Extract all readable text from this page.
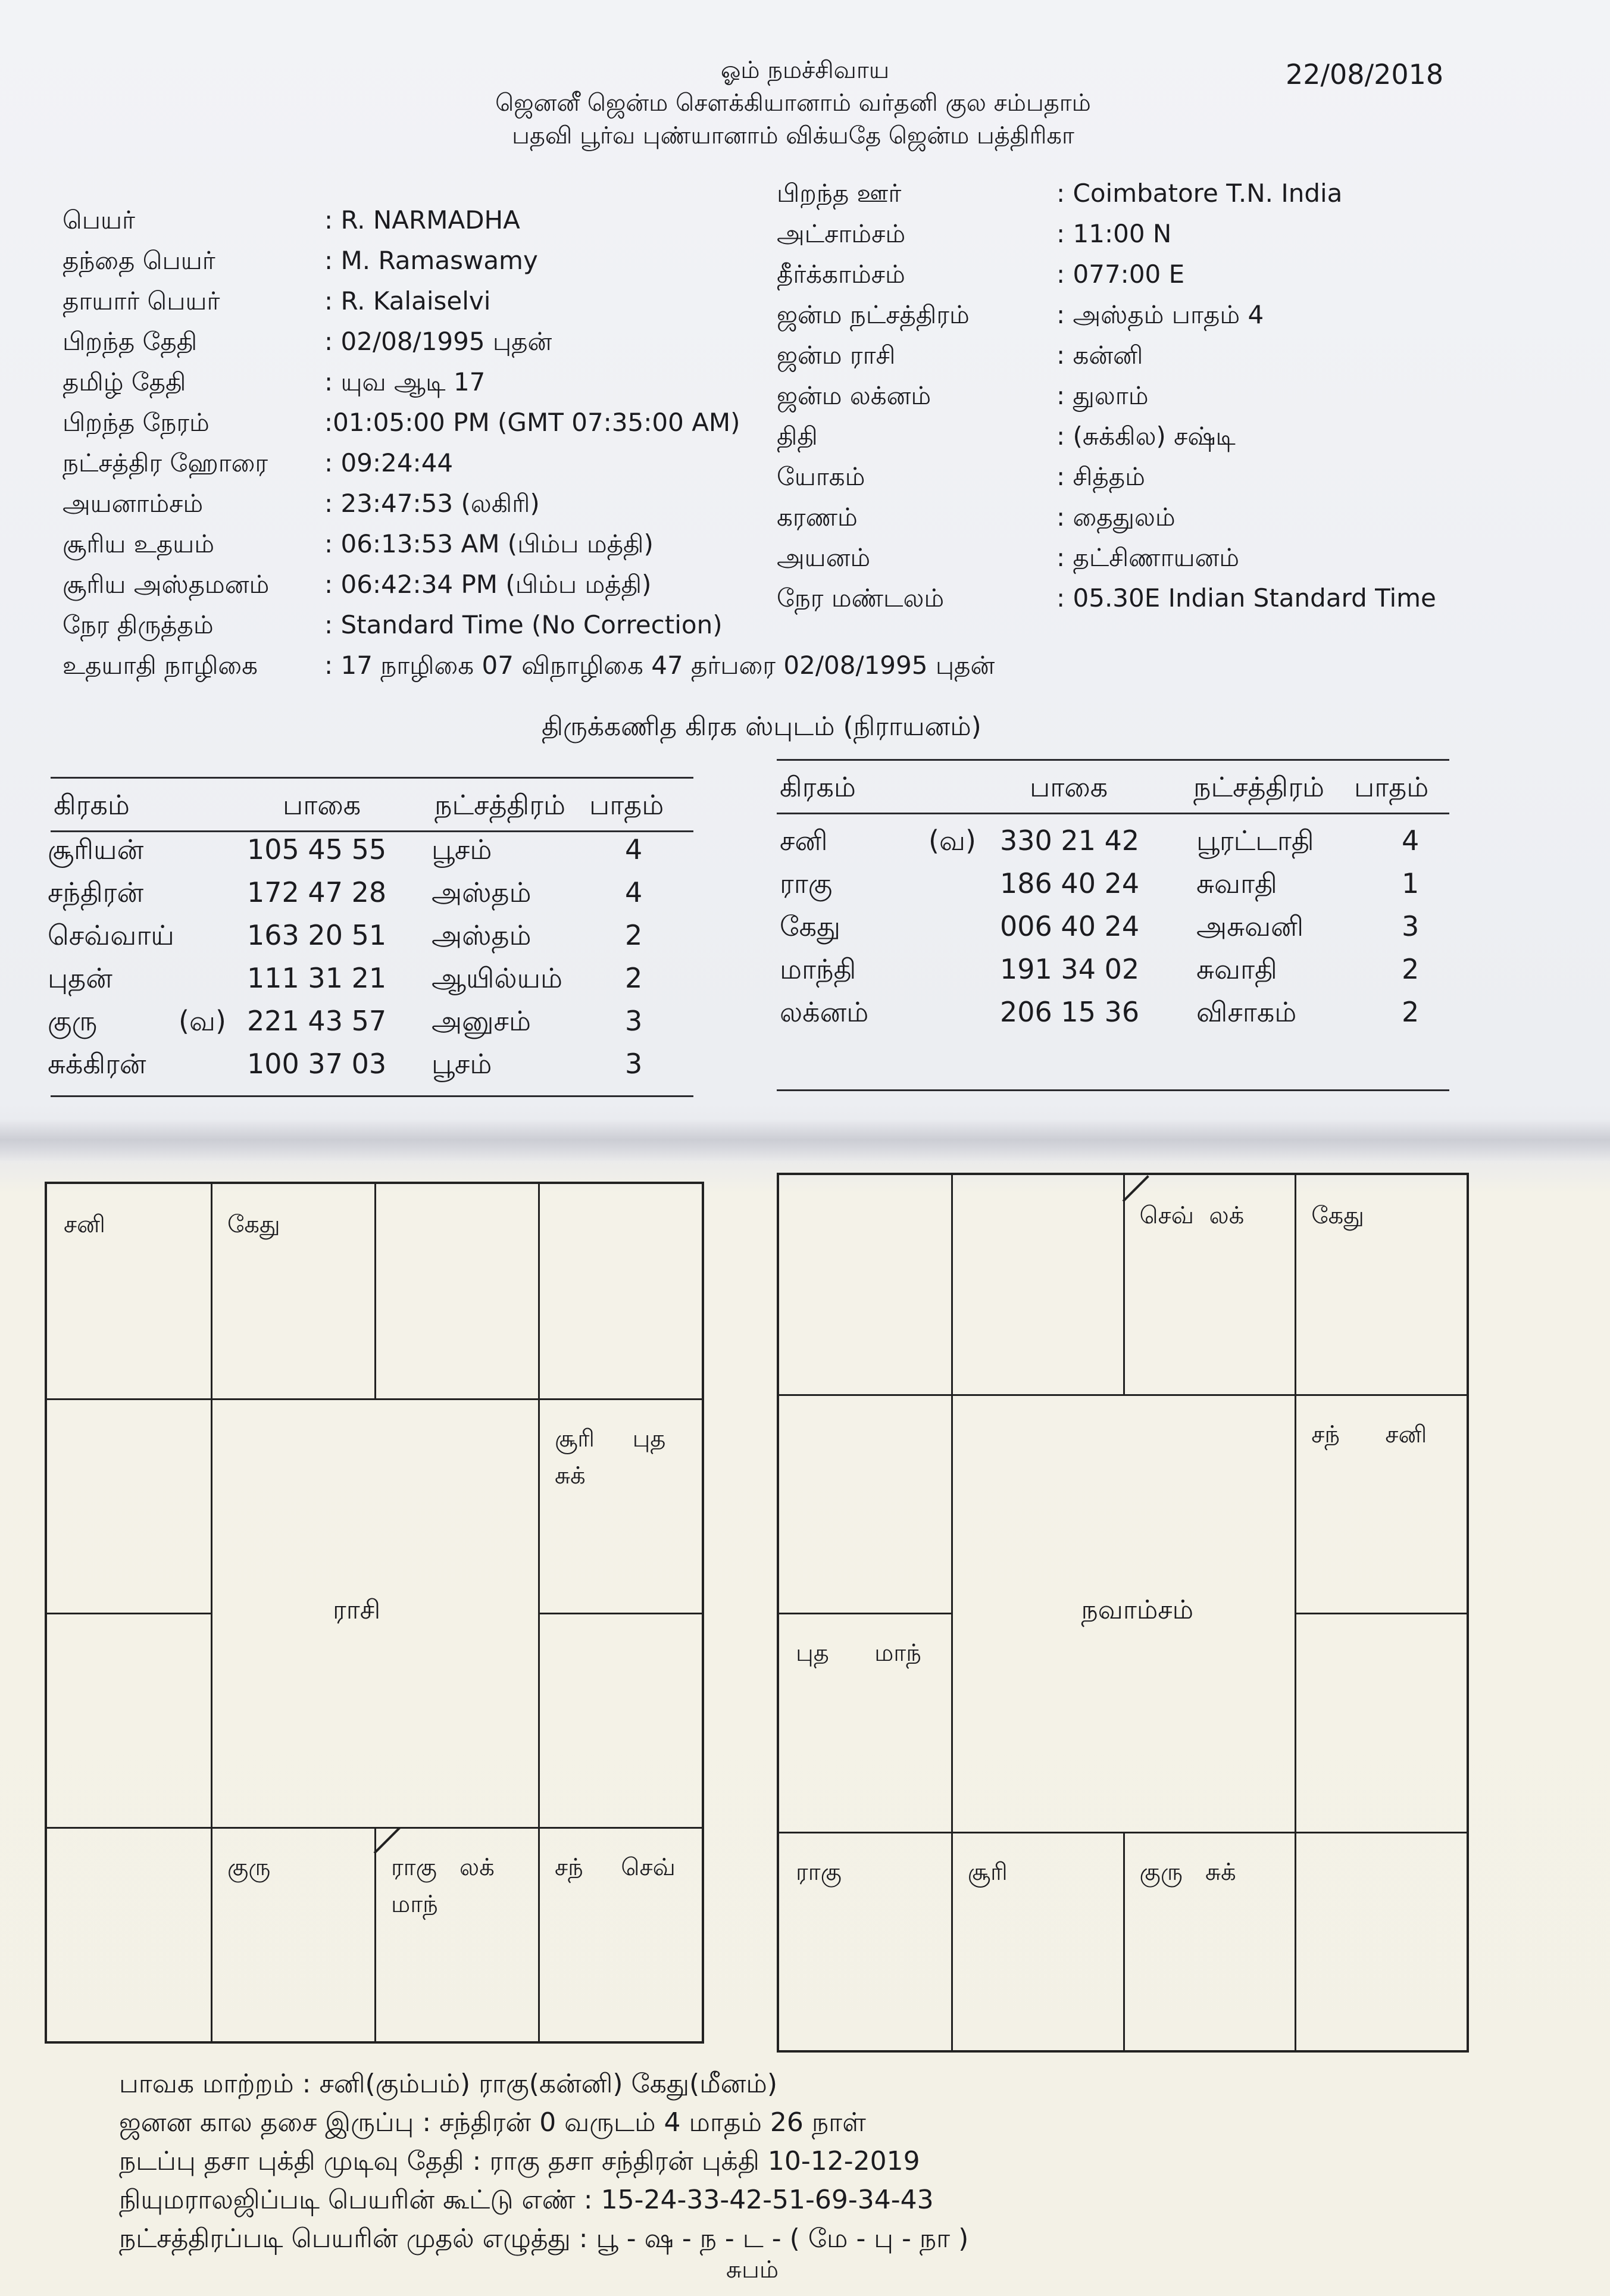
ஓம் நமச்சிவாய
ஜெனனீ ஜென்ம சௌக்கியானாம் வர்தனி குல சம்பதாம்
பதவி பூர்வ புண்யானாம் விக்யதே ஜென்ம பத்திரிகா
22/08/2018
பெயர்	: R. NARMADHA
தந்தை பெயர்	: M. Ramaswamy
தாயார் பெயர்	: R. Kalaiselvi
பிறந்த தேதி	: 02/08/1995 புதன்
தமிழ் தேதி	: யுவ ஆடி 17
பிறந்த நேரம்	:01:05:00 PM (GMT 07:35:00 AM)
நட்சத்திர ஹோரை : 09:24:44
அயனாம்சம்	: 23:47:53 (லகிரி)
சூரிய உதயம்	: 06:13:53 AM (பிம்ப மத்தி)
சூரிய அஸ்தமனம் : 06:42:34 PM (பிம்ப மத்தி)
நேர திருத்தம்	: Standard Time (No Correction)
உதயாதி நாழிகை	: 17 நாழிகை 07 விநாழிகை 47 தர்பரை 02/08/1995 புதன்
பிறந்த ஊர்	: Coimbatore T.N. India
அட்சாம்சம்	: 11:00 N
தீர்க்காம்சம்	: 077:00 E
ஜன்ம நட்சத்திரம்	: அஸ்தம் பாதம் 4
ஜன்ம ராசி	: கன்னி
ஜன்ம லக்னம்	: துலாம்
திதி	: (சுக்கில) சஷ்டி
யோகம்	: சித்தம்
கரணம்	: தைதுலம்
அயனம்	: தட்சிணாயனம்
நேர மண்டலம்	: 05.30E Indian Standard Time
திருக்கணித கிரக ஸ்புடம் (நிராயனம்)
கிரகம்	பாகை	நட்சத்திரம் பாதம்
கிரகம்	பாகை	நட்சத்திரம் பாதம்
சூரியன்	105 45 55 பூசம்	4
சந்திரன்	172 47 28 அஸ்தம்	4
செவ்வாய்	163 20 51 அஸ்தம்	2
புதன்	111 31 21 ஆயில்யம் 2
குரு	(வ) 221 43 57 அனுசம்	3
சுக்கிரன்	100 37 03 பூசம்	3
சனி	(வ) 330 21 42 பூரட்டாதி	4
ராகு	186 40 24 சுவாதி	1
கேது	006 40 24 அசுவனி	3
மாந்தி	191 34 02 சுவாதி	2
லக்னம்	206 15 36 விசாகம்	2
சனி	கேது
சூரி     புத
சுக்
சந்     செவ்
ராகு   லக்
மாந்
குரு
ராசி
செவ்  லக்	கேது
சந்      சனி
குரு   சுக்
சூரி
ராகு
புத      மாந்
நவாம்சம்
பாவக மாற்றம் : சனி(கும்பம்) ராகு(கன்னி) கேது(மீனம்)
ஜனன கால தசை இருப்பு : சந்திரன் 0 வருடம் 4 மாதம் 26 நாள்
நடப்பு தசா புக்தி முடிவு தேதி : ராகு தசா சந்திரன் புக்தி 10-12-2019
நியுமராலஜிப்படி பெயரின் கூட்டு எண் : 15-24-33-42-51-69-34-43
நட்சத்திரப்படி பெயரின் முதல் எழுத்து : பூ - ஷ - ந - ட - ( மே - பு - நா )
சுபம்
